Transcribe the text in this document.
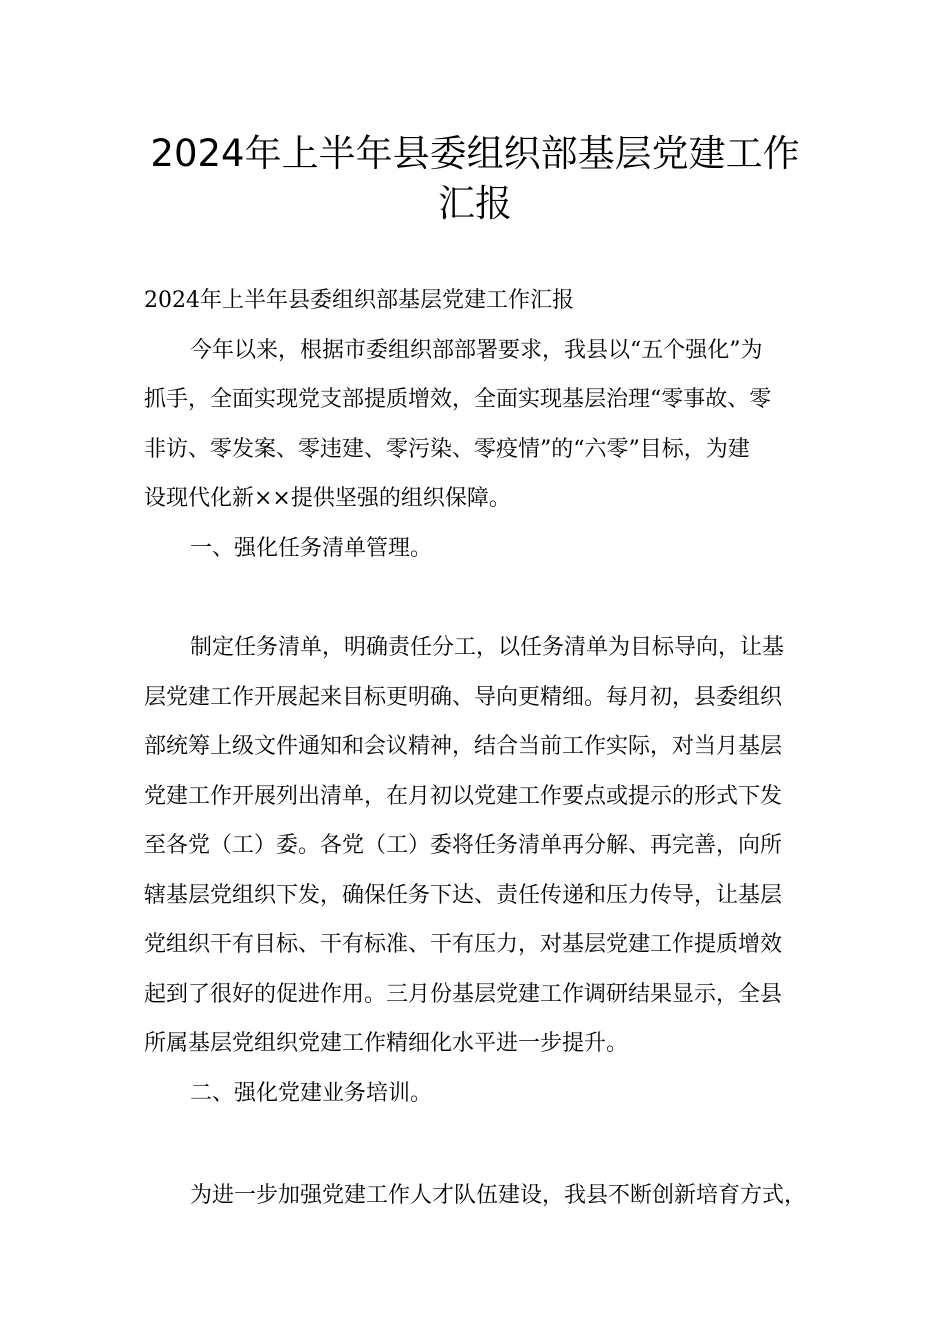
2024年上半年县委组织部基层党建工作
汇报
2024年上半年县委组织部基层党建工作汇报
今年以来，根据市委组织部部署要求，我县以“五个强化”为
抓手，全面实现党支部提质增效，全面实现基层治理“零事故、零
非访、零发案、零违建、零污染、零疫情”的“六零”目标，为建
设现代化新××提供坚强的组织保障。
一、强化任务清单管理。
制定任务清单，明确责任分工，以任务清单为目标导向，让基
层党建工作开展起来目标更明确、导向更精细。每月初，县委组织
部统筹上级文件通知和会议精神，结合当前工作实际，对当月基层
党建工作开展列出清单，在月初以党建工作要点或提示的形式下发
至各党（工）委。各党（工）委将任务清单再分解、再完善，向所
辖基层党组织下发，确保任务下达、责任传递和压力传导，让基层
党组织干有目标、干有标准、干有压力，对基层党建工作提质增效
起到了很好的促进作用。三月份基层党建工作调研结果显示，全县
所属基层党组织党建工作精细化水平进一步提升。
二、强化党建业务培训。
为进一步加强党建工作人才队伍建设，我县不断创新培育方式，
